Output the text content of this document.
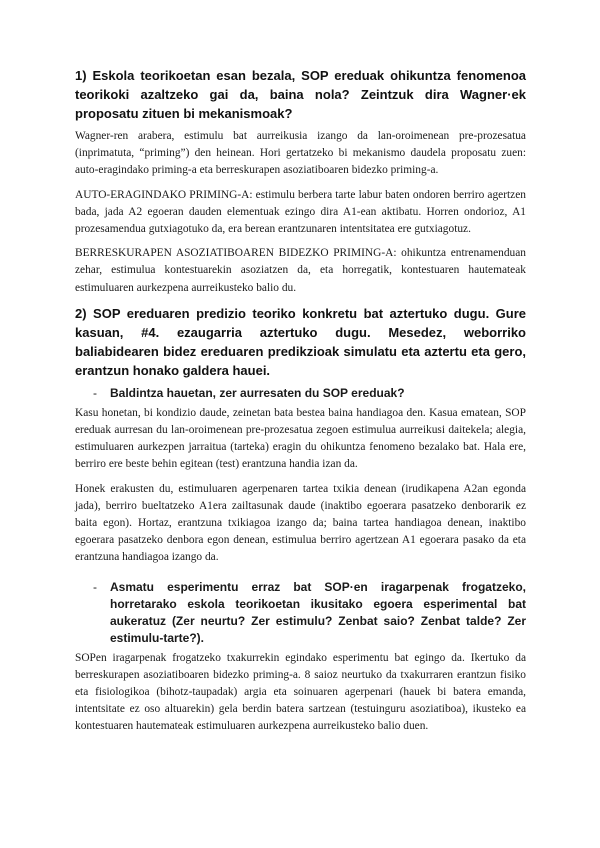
1) Eskola teorikoetan esan bezala, SOP ereduak ohikuntza fenomenoa teorikoki azaltzeko gai da, baina nola? Zeintzuk dira Wagner·ek proposatu zituen bi mekanismoak?

Wagner-ren arabera, estimulu bat aurreikusia izango da lan-oroimenean pre-prozesatua (inprimatuta, “priming”) den heinean. Hori gertatzeko bi mekanismo daudela proposatu zuen: auto-eragindako priming-a eta berreskurapen asoziatiboaren bidezko priming-a.

AUTO-ERAGINDAKO PRIMING-A: estimulu berbera tarte labur baten ondoren berriro agertzen bada, jada A2 egoeran dauden elementuak ezingo dira A1-ean aktibatu. Horren ondorioz, A1 prozesamendua gutxiagotuko da, era berean erantzunaren intentsitatea ere gutxiagotuz.

BERRESKURAPEN ASOZIATIBOAREN BIDEZKO PRIMING-A: ohikuntza entrenamenduan zehar, estimulua kontestuarekin asoziatzen da, eta horregatik, kontestuaren hautemateak estimuluaren aurkezpena aurreikusteko balio du.

2) SOP ereduaren predizio teoriko konkretu bat aztertuko dugu. Gure kasuan, #4. ezaugarria aztertuko dugu. Mesedez, weborriko baliabidearen bidez ereduaren predikzioak simulatu eta aztertu eta gero, erantzun honako galdera hauei.
-	Baldintza hauetan, zer aurresaten du SOP ereduak?

Kasu honetan, bi kondizio daude, zeinetan bata bestea baina handiagoa den. Kasua ematean, SOP ereduak aurresan du lan-oroimenean pre-prozesatua zegoen estimulua aurreikusi daitekela; alegia, estimuluaren aurkezpen jarraitua (tarteka) eragin du ohikuntza fenomeno bezalako bat. Hala ere, berriro ere beste behin egitean (test) erantzuna handia izan da.

Honek erakusten du, estimuluaren agerpenaren tartea txikia denean (irudikapena A2an egonda jada), berriro bueltatzeko A1era zailtasunak daude (inaktibo egoerara pasatzeko denborarik ez baita egon). Hortaz, erantzuna txikiagoa izango da; baina tartea handiagoa denean, inaktibo egoerara pasatzeko denbora egon denean, estimulua berriro agertzean A1 egoerara pasako da eta erantzuna handiagoa izango da.

-	Asmatu esperimentu erraz bat SOP·en iragarpenak frogatzeko, horretarako eskola teorikoetan ikusitako egoera esperimental bat aukeratuz (Zer neurtu? Zer estimulu? Zenbat saio? Zenbat talde? Zer estimulu-tarte?).

SOPen iragarpenak frogatzeko txakurrekin egindako esperimentu bat egingo da. Ikertuko da berreskurapen asoziatiboaren bidezko priming-a. 8 saioz neurtuko da txakurraren erantzun fisiko eta fisiologikoa (bihotz-taupadak) argia eta soinuaren agerpenari (hauek bi batera emanda, intentsitate ez oso altuarekin) gela berdin batera sartzean (testuinguru asoziatiboa), ikusteko ea kontestuaren hautemateak estimuluaren aurkezpena aurreikusteko balio duen.
